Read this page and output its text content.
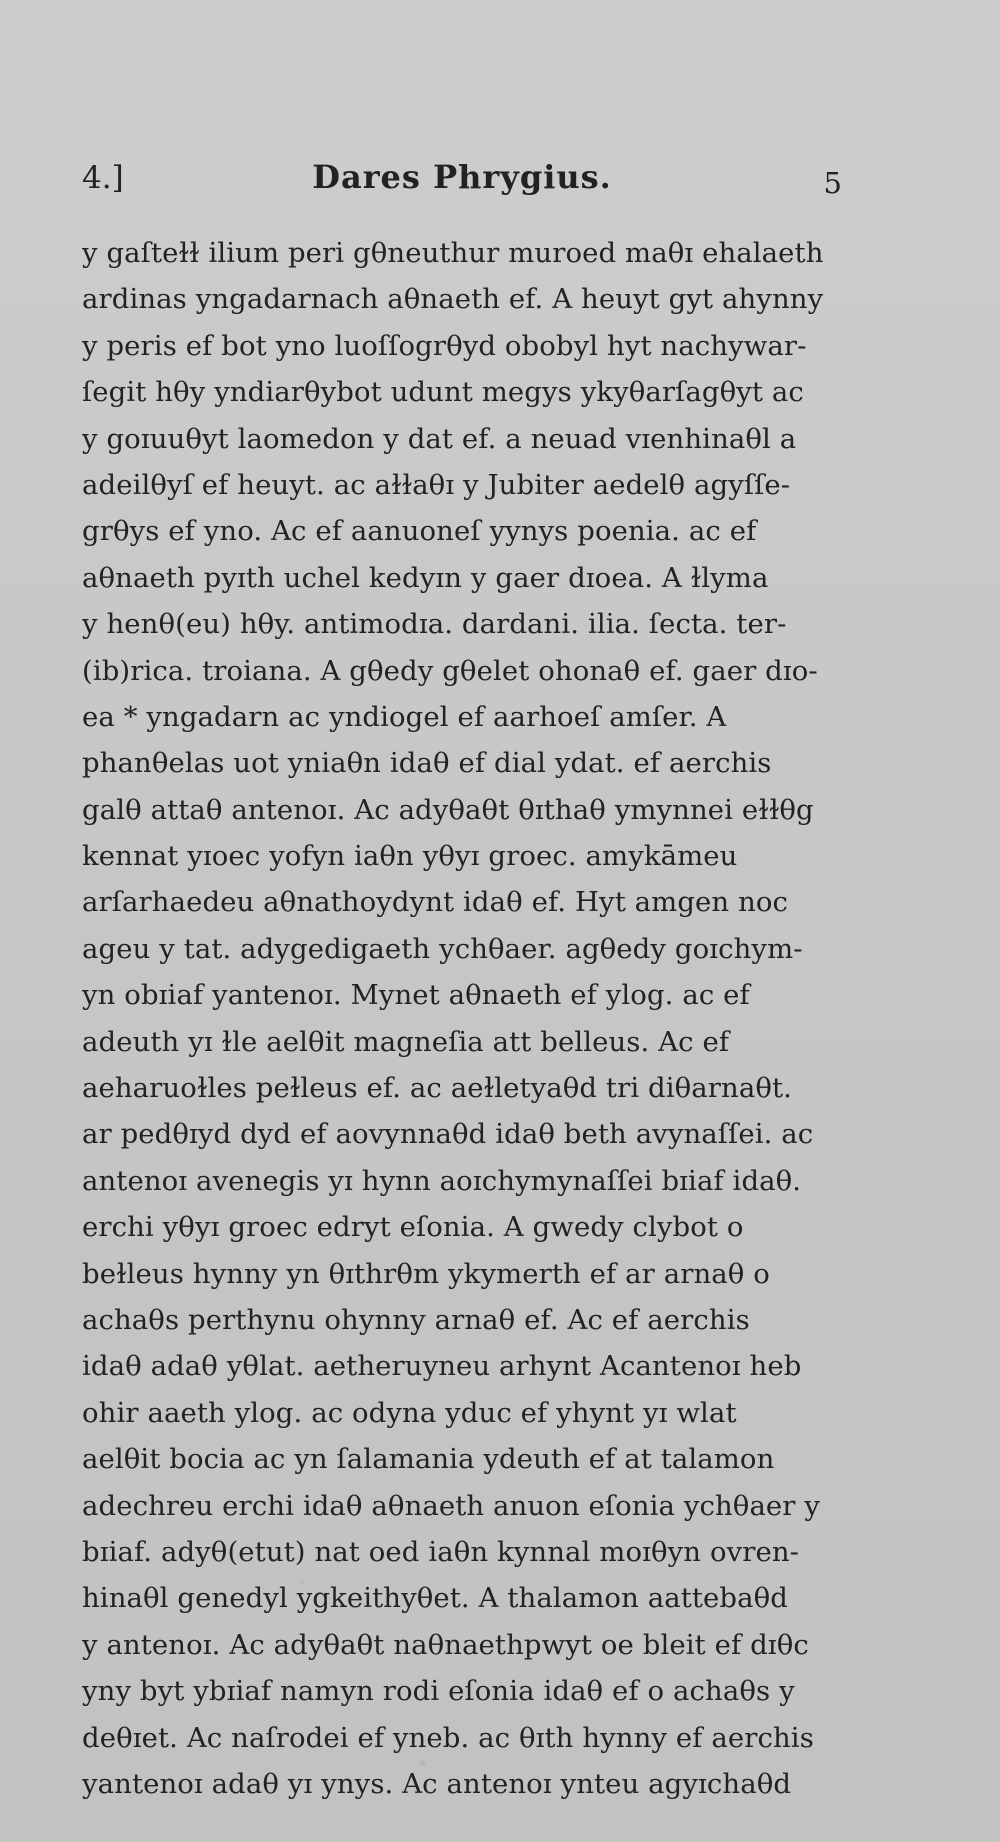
4.]	Dares Phrygius.	5
y gaſteɫɫ ilium peri gθneuthur muroed maθɪ ehalaeth
ardinas yngadarnach aθnaeth ef. A heuyt gyt ahynny
y peris ef bot yno luoſſogrθyd obobyl hyt nachywar-
ſegit hθy yndiarθybot udunt megys ykyθarſagθyt ac
y goɪuuθyt laomedon y dat ef. a neuad vɪenhinaθl a
adeilθyſ ef heuyt. ac aɫɫaθɪ y Jubiter aedelθ agyſſe-
grθys ef yno. Ac ef aanuoneſ yynys poenia. ac ef
aθnaeth pyɪth uchel kedyɪn y gaer dɪoea. A ɫlyma
y henθ(eu) hθy. antimodɪa. dardani. ilia. ſecta. ter-
(ib)rica. troiana. A gθedy gθelet ohonaθ ef. gaer dɪo-
ea * yngadarn ac yndiogel ef aarhoeſ amſer. A
phanθelas uot yniaθn idaθ ef dial ydat. ef aerchis
galθ attaθ antenoɪ. Ac adyθaθt θɪthaθ ymynnei eɫɫθg
kennat yɪoec yofyn iaθn yθyɪ groec. amykāmeu
arſarhaedeu aθnathoydynt idaθ ef. Hyt amgen noc
ageu y tat. adygedigaeth ychθaer. agθedy goɪchym-
yn obɪiaf yantenoɪ. Mynet aθnaeth ef ylog. ac ef
adeuth yɪ ɫle aelθit magneſia att belleus. Ac ef
aeharuoɫles peɫleus ef. ac aeɫletyaθd tri diθarnaθt.
ar pedθɪyd dyd ef aovynnaθd idaθ beth avynaſſei. ac
antenoɪ avenegis yɪ hynn aoɪchymynaſſei bɪiaf idaθ.
erchi yθyɪ groec edryt eſonia. A gwedy clybot o
beɫleus hynny yn θɪthrθm ykymerth ef ar arnaθ o
achaθs perthynu ohynny arnaθ ef. Ac ef aerchis
idaθ adaθ yθlat. aetheruyneu arhynt Acantenoɪ heb
ohir aaeth ylog. ac odyna yduc ef yhynt yɪ wlat
aelθit bocia ac yn ſalamania ydeuth ef at talamon
adechreu erchi idaθ aθnaeth anuon eſonia ychθaer y
bɪiaf. adyθ(etut) nat oed iaθn kynnal moɪθyn ovren-
hinaθl genedyl ygkeithyθet. A thalamon aattebaθd
y antenoɪ. Ac adyθaθt naθnaethpwyt oe bleit ef dɪθc
yny byt ybɪiaf namyn rodi eſonia idaθ ef o achaθs y
deθɪet. Ac naſrodei ef yneb. ac θɪth hynny ef aerchis
yantenoɪ adaθ yɪ ynys. Ac antenoɪ ynteu agyɪchaθd
